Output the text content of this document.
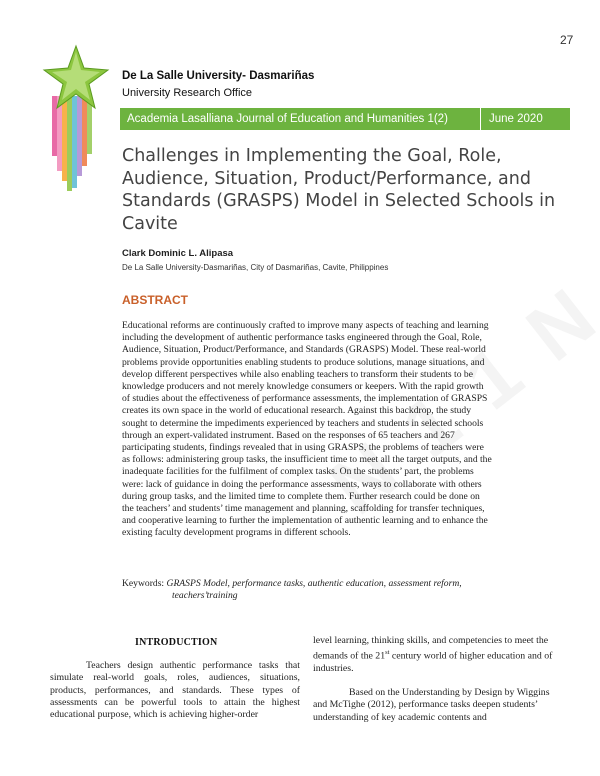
27
De La Salle University- Dasmariñas
University Research Office
Academia Lasalliana Journal of Education and Humanities 1(2)	June 2020
Challenges in Implementing the Goal, Role, Audience, Situation, Product/Performance, and Standards (GRASPS) Model in Selected Schools in Cavite
Clark Dominic L. Alipasa
De La Salle University-Dasmariñas, City of Dasmariñas, Cavite, Philippines
ABSTRACT
Educational reforms are continuously crafted to improve many aspects of teaching and learning including the development of authentic performance tasks engineered through the Goal, Role, Audience, Situation, Product/Performance, and Standards (GRASPS) Model. These real-world problems provide opportunities enabling students to produce solutions, manage situations, and develop different perspectives while also enabling teachers to transform their students to be knowledge producers and not merely knowledge consumers or keepers. With the rapid growth of studies about the effectiveness of performance assessments, the implementation of GRASPS creates its own space in the world of educational research. Against this backdrop, the study sought to determine the impediments experienced by teachers and students in selected schools through an expert-validated instrument. Based on the responses of 65 teachers and 267 participating students, findings revealed that in using GRASPS, the problems of teachers were as follows: administering group tasks, the insufficient time to meet all the target outputs, and the inadequate facilities for the fulfilment of complex tasks. On the students’ part, the problems were: lack of guidance in doing the performance assessments, ways to collaborate with others during group tasks, and the limited time to complete them. Further research could be done on the teachers’ and students’ time management and planning, scaffolding for transfer techniques, and cooperative learning to further the implementation of authentic learning and to enhance the existing faculty development programs in different schools.
Keywords: GRASPS Model, performance tasks, authentic education, assessment reform,
teachers’training
INTRODUCTION

Teachers design authentic performance tasks that simulate real-world goals, roles, audiences, situations, products, performances, and standards. These types of assessments can be powerful tools to attain the highest educational purpose, which is achieving higher-order

level learning, thinking skills, and competencies to meet the demands of the 21st century world of higher education and of industries.

Based on the Understanding by Design by Wiggins and McTighe (2012), performance tasks deepen students’ understanding of key academic contents and
